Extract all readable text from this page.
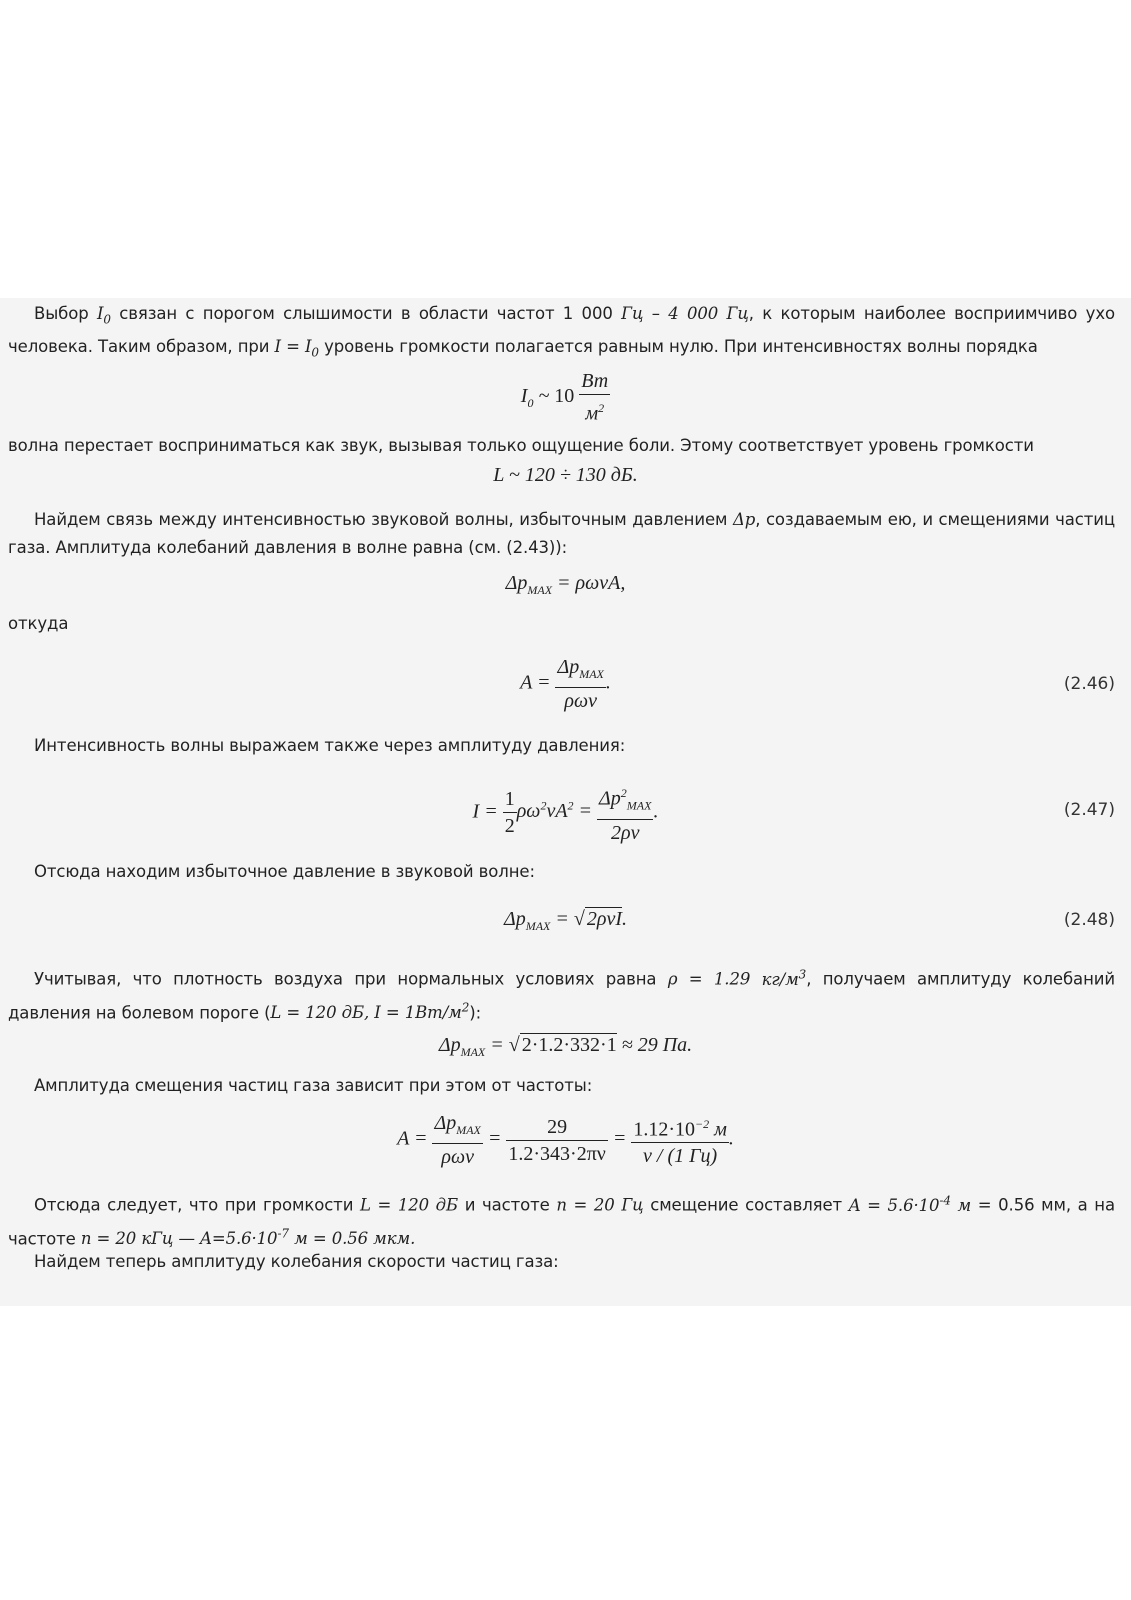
Выбор $I_0$ связан с порогом слышимости в области частот 1 000 Гц – 4 000 Гц, к которым наиболее восприимчиво ухо человека. Таким образом, при $I = I_0$ уровень громкости полагается равным нулю. При интенсивностях волны порядка
$I_0$ ~ $10 \frac{Вт}{м^2}$
волна перестает восприниматься как звук, вызывая только ощущение боли. Этому соответствует уровень громкости
L ~ 120 ÷ 130 дБ.
Найдем связь между интенсивностью звуковой волны, избыточным давлением Δp, создаваемым ею, и смещениями частиц газа. Амплитуда колебаний давления в волне равна (см. (2.43)):
$\Delta p_{MAX} = \rho\omega vA$,
откуда
$A = \frac{\Delta p_{MAX}}{\text{ρωv}}$ .	(2.46)
Интенсивность волны выражаем также через амплитуду давления:
$I = \frac{1}{2} \rho\omega^2vA^2 = \frac{\Delta p^2_{MAX}}{2\rho v}$ .	(2.47)
Отсюда находим избыточное давление в звуковой волне:
$\Delta p_{MAX}$ = √ 2ρvI.	(2.48)
Учитывая, что плотность воздуха при нормальных условиях равна ρ = 1.29 $кг/м^3$, получаем амплитуду колебаний давления на болевом пороге (L = 120 дБ, $I = 1Вт/м^2$):
$\Delta p_{MAX}$ = √ 2·1.2·332·1 ≈ 29 Па.
Амплитуда смещения частиц газа зависит при этом от частоты:
$A = \frac{\Delta p_{MAX}}{\text{ρωv}} = \frac{29}{1.2\cdot 343\cdot 2\pi\nu} = \frac{1.12\cdot 10^{-2} м}{\nu / (1 Гц)}$ .
Отсюда следует, что при громкости L = 120 дБ и частоте n = 20 Гц смещение составляет $A = 5.6\cdot 10^{-4}$ м = 0.56 мм, а на частоте n = 20 кГц — $A=5.6\cdot 10^{-7}$ м = 0.56 мкм.
Найдем теперь амплитуду колебания скорости частиц газа:
